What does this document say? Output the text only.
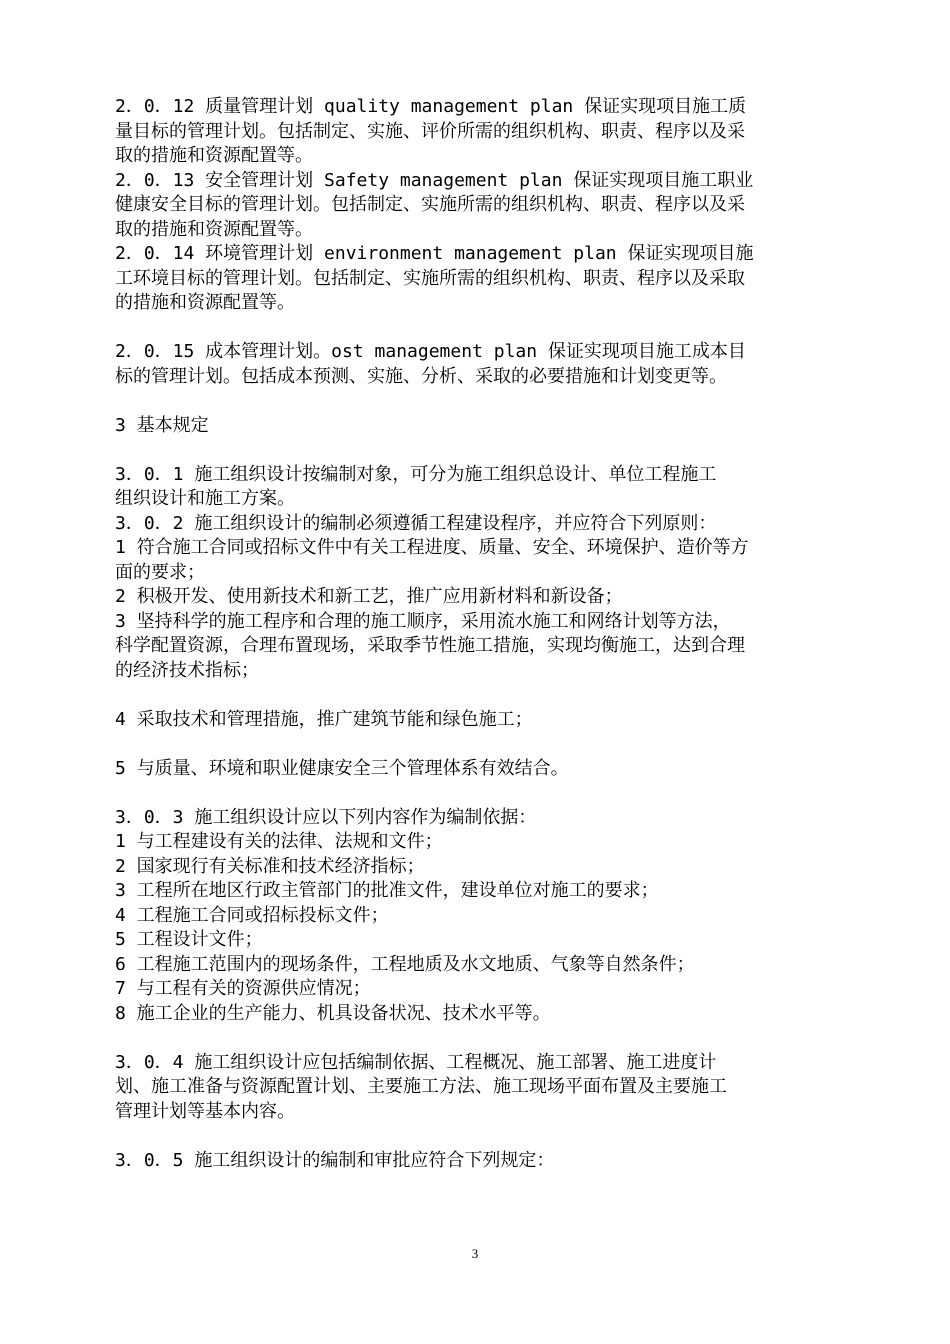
2．0．12 质量管理计划 quality management plan 保证实现项目施工质
量目标的管理计划。包括制定、实施、评价所需的组织机构、职责、程序以及采
取的措施和资源配置等。
2．0．13 安全管理计划 Safety management plan 保证实现项目施工职业
健康安全目标的管理计划。包括制定、实施所需的组织机构、职责、程序以及采
取的措施和资源配置等。
2．0．14 环境管理计划 environment management plan 保证实现项目施
工环境目标的管理计划。包括制定、实施所需的组织机构、职责、程序以及采取
的措施和资源配置等。
2．0．15 成本管理计划。ost management plan 保证实现项目施工成本目
标的管理计划。包括成本预测、实施、分析、采取的必要措施和计划变更等。
3 基本规定
3．0．1 施工组织设计按编制对象，可分为施工组织总设计、单位工程施工
组织设计和施工方案。
3．0．2 施工组织设计的编制必须遵循工程建设程序，并应符合下列原则：
1 符合施工合同或招标文件中有关工程进度、质量、安全、环境保护、造价等方
面的要求；
2 积极开发、使用新技术和新工艺，推广应用新材料和新设备；
3 坚持科学的施工程序和合理的施工顺序，采用流水施工和网络计划等方法，
科学配置资源，合理布置现场，采取季节性施工措施，实现均衡施工，达到合理
的经济技术指标；
4 采取技术和管理措施，推广建筑节能和绿色施工；
5 与质量、环境和职业健康安全三个管理体系有效结合。
3．0．3 施工组织设计应以下列内容作为编制依据：
1 与工程建设有关的法律、法规和文件；
2 国家现行有关标准和技术经济指标；
3 工程所在地区行政主管部门的批准文件，建设单位对施工的要求；
4 工程施工合同或招标投标文件；
5 工程设计文件；
6 工程施工范围内的现场条件，工程地质及水文地质、气象等自然条件；
7 与工程有关的资源供应情况；
8 施工企业的生产能力、机具设备状况、技术水平等。
3．0．4 施工组织设计应包括编制依据、工程概况、施工部署、施工进度计
划、施工准备与资源配置计划、主要施工方法、施工现场平面布置及主要施工
管理计划等基本内容。
3．0．5 施工组织设计的编制和审批应符合下列规定：
3
